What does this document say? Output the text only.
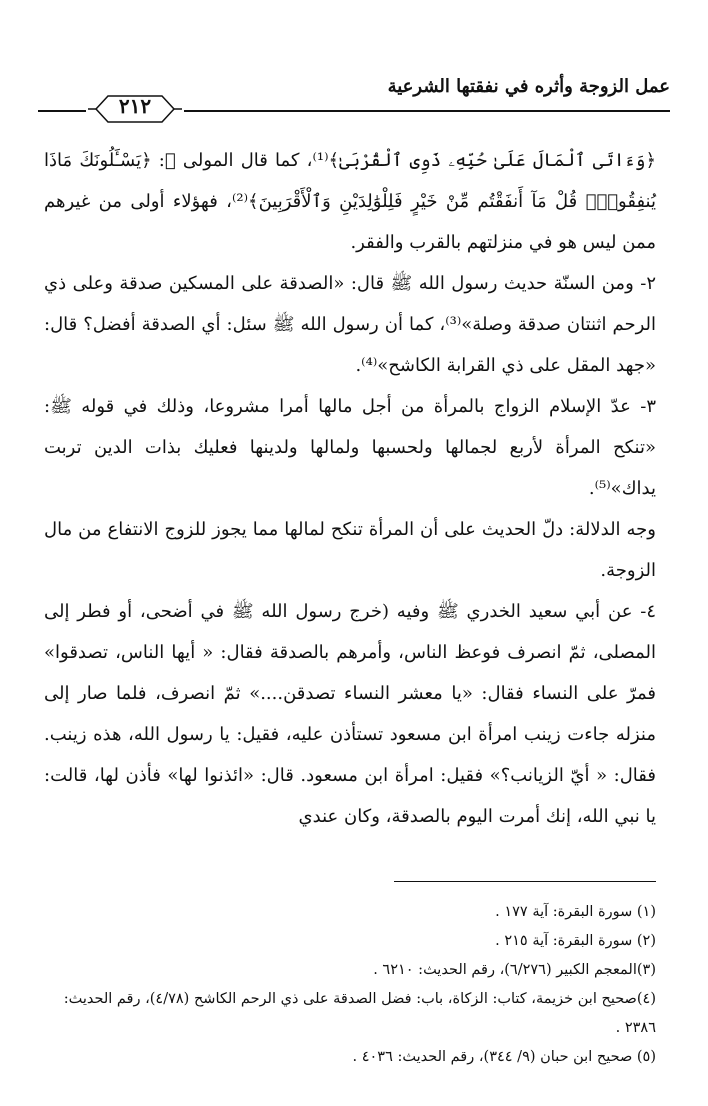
عمل الزوجة وأثره في نفقتها الشرعية
٢١٢

﴿وَءَاتَى ٱلْمَالَ عَلَىٰ حُبِّهِۦ ذَوِى ٱلْقُرْبَىٰ﴾⁽¹⁾، كما قال المولى ﷻ: ﴿يَسْـَٔلُونَكَ مَاذَا يُنفِقُونَۖ قُلْ مَآ أَنفَقْتُم مِّنْ خَيْرٍ فَلِلْوَٰلِدَيْنِ وَٱلْأَقْرَبِينَ﴾⁽²⁾، فهؤلاء أولى من غيرهم ممن ليس هو في منزلتهم بالقرب والفقر.

٢- ومن السنّة حديث رسول الله ﷺ قال: «الصدقة على المسكين صدقة وعلى ذي الرحم اثنتان صدقة وصلة»⁽³⁾، كما أن رسول الله ﷺ سئل: أي الصدقة أفضل؟ قال: «جهد المقل على ذي القرابة الكاشح»⁽⁴⁾.

٣- عدّ الإسلام الزواج بالمرأة من أجل مالها أمرا مشروعا، وذلك في قوله ﷺ: «تنكح المرأة لأربع لجمالها ولحسبها ولمالها ولدينها فعليك بذات الدين تربت يداك»⁽⁵⁾.

وجه الدلالة: دلّ الحديث على أن المرأة تنكح لمالها مما يجوز للزوج الانتفاع من مال الزوجة.

٤- عن أبي سعيد الخدري ﷺ وفيه (خرج رسول الله ﷺ في أضحى، أو فطر إلى المصلى، ثمّ انصرف فوعظ الناس، وأمرهم بالصدقة فقال: « أيها الناس، تصدقوا» فمرّ على النساء فقال: «يا معشر النساء تصدقن....» ثمّ انصرف، فلما صار إلى منزله جاءت زينب امرأة ابن مسعود تستأذن عليه، فقيل: يا رسول الله، هذه زينب. فقال: « أيّ الزيانب؟» فقيل: امرأة ابن مسعود. قال: «ائذنوا لها» فأذن لها، قالت: يا نبي الله، إنك أمرت اليوم بالصدقة، وكان عندي

(١) سورة البقرة: آية ١٧٧ .

(٢) سورة البقرة: آية ٢١٥ .

(٣)المعجم الكبير (٦/٢٧٦)، رقم الحديث: ٦٢١٠ .

(٤)صحيح ابن خزيمة، كتاب: الزكاة، باب: فضل الصدقة على ذي الرحم الكاشح (٤/٧٨)، رقم الحديث: ٢٣٨٦ .

(٥) صحيح ابن حبان (٩/ ٣٤٤)، رقم الحديث: ٤٠٣٦ .
